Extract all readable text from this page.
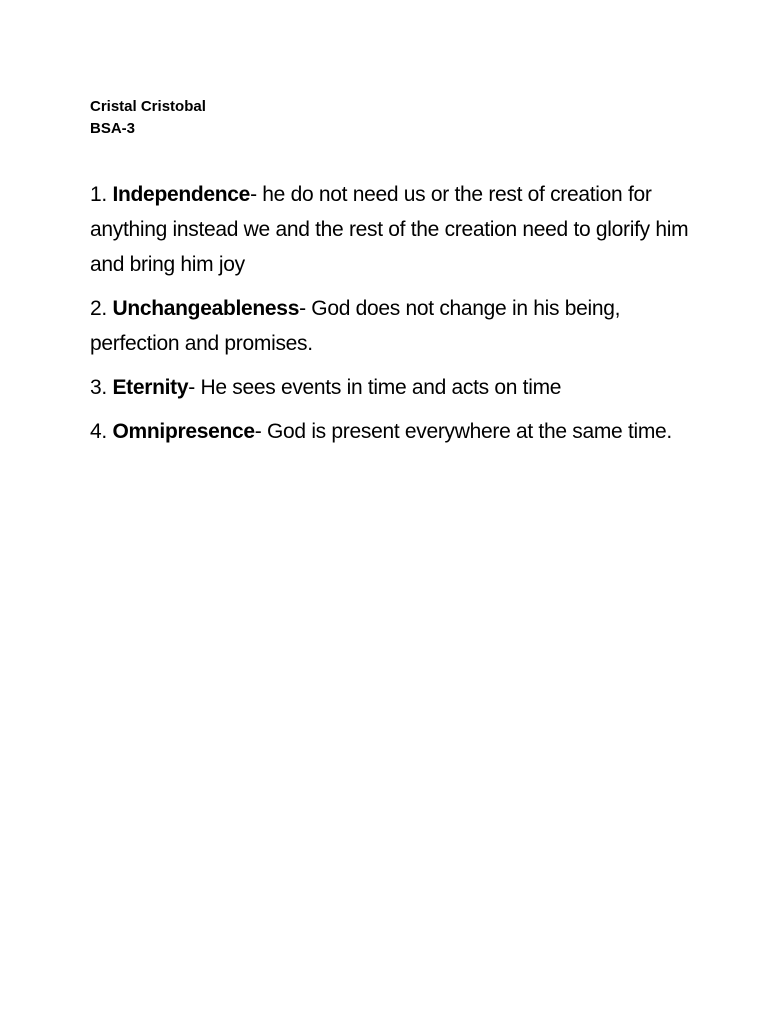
Cristal Cristobal
BSA-3

1. Independence- he do not need us or the rest of creation for anything instead we and the rest of the creation need to glorify him and bring him joy

2. Unchangeableness- God does not change in his being, perfection and promises.

3. Eternity- He sees events in time and acts on time

4. Omnipresence- God is present everywhere at the same time.
